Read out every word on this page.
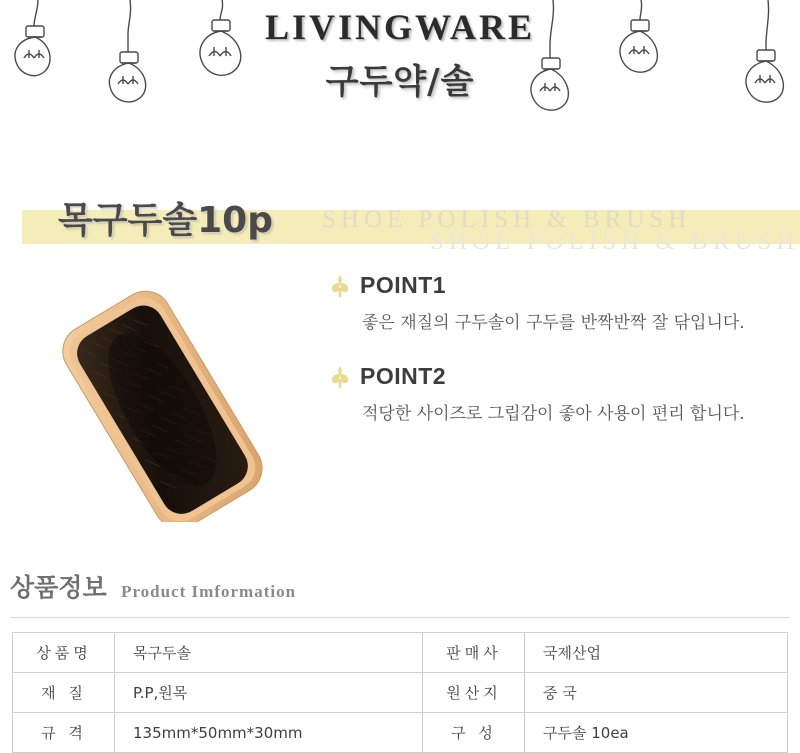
LIVINGWARE
구두약/솔
SHOE POLISH & BRUSH
SHOE POLISH & BRUSH
목구두솔10p
POINT1
좋은 재질의 구두솔이 구두를 반짝반짝 잘 닦입니다.
POINT2
적당한 사이즈로 그립감이 좋아 사용이 편리 합니다.
상품정보 Product Imformation
상품명	목구두솔	판매사	국제산업
재 질	P.P,원목	원산지	중 국
규 격	135mm*50mm*30mm	구 성	구두솔 10ea
